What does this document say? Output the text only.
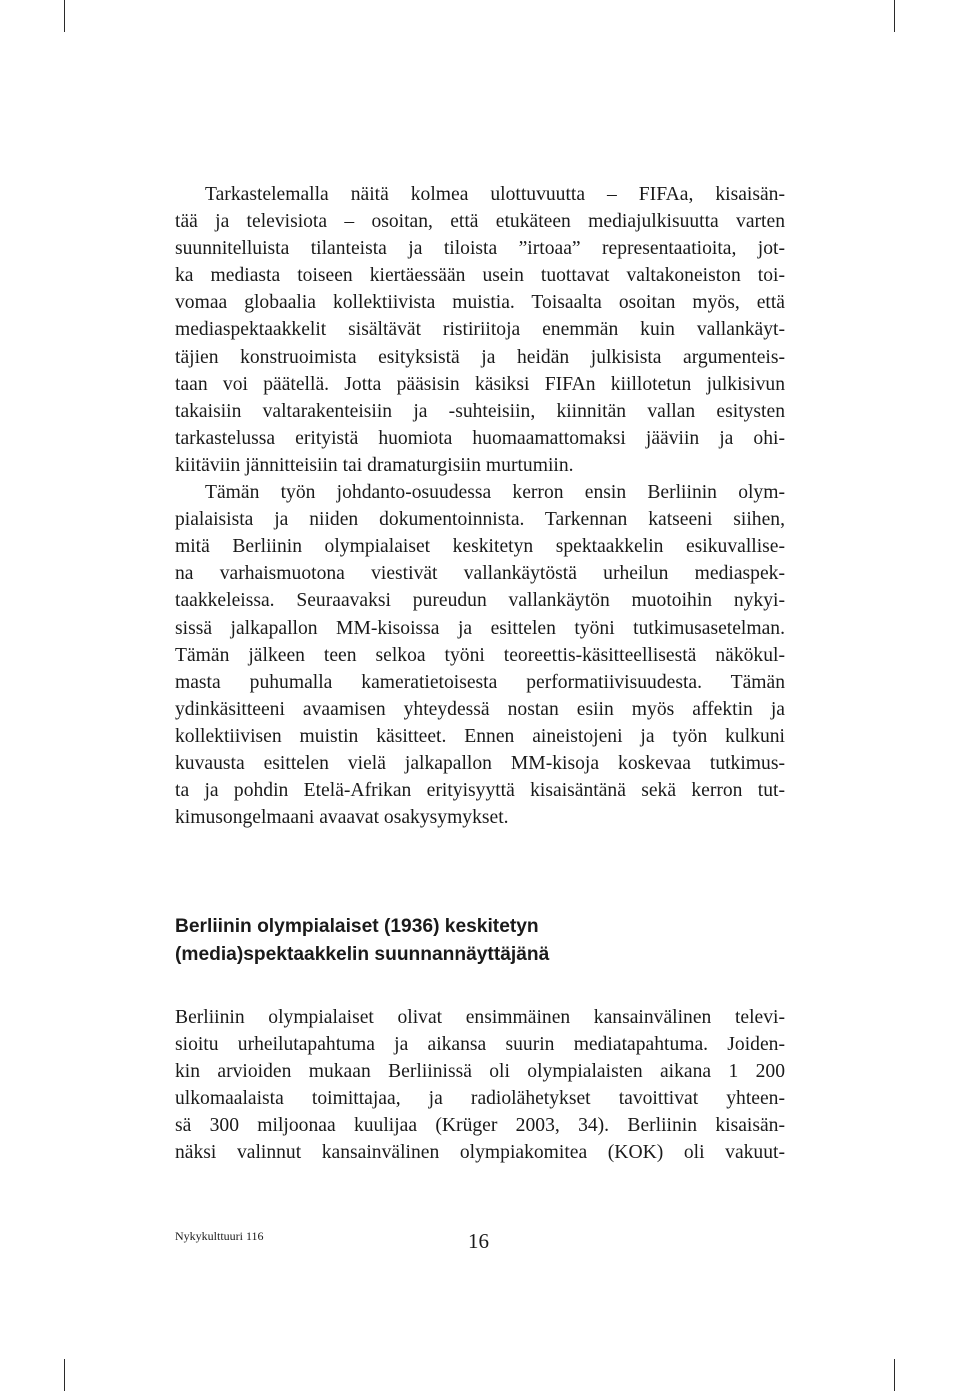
Tarkastelemalla näitä kolmea ulottuvuutta – FIFAa, kisaisän-
tää ja televisiota – osoitan, että etukäteen mediajulkisuutta varten
suunnitelluista tilanteista ja tiloista ”irtoaa” representaatioita, jot-
ka mediasta toiseen kiertäessään usein tuottavat valtakoneiston toi-
vomaa globaalia kollektiivista muistia. Toisaalta osoitan myös, että
mediaspektaakkelit sisältävät ristiriitoja enemmän kuin vallankäyt-
täjien konstruoimista esityksistä ja heidän julkisista argumenteis-
taan voi päätellä. Jotta pääsisin käsiksi FIFAn kiillotetun julkisivun
takaisiin valtarakenteisiin ja -suhteisiin, kiinnitän vallan esitysten
tarkastelussa erityistä huomiota huomaamattomaksi jääviin ja ohi-
kiitäviin jännitteisiin tai dramaturgisiin murtumiin.
Tämän työn johdanto-osuudessa kerron ensin Berliinin olym-
pialaisista ja niiden dokumentoinnista. Tarkennan katseeni siihen,
mitä Berliinin olympialaiset keskitetyn spektaakkelin esikuvallise-
na varhaismuotona viestivät vallankäytöstä urheilun mediaspek-
taakkeleissa. Seuraavaksi pureudun vallankäytön muotoihin nykyi-
sissä jalkapallon MM-kisoissa ja esittelen työni tutkimusasetelman.
Tämän jälkeen teen selkoa työni teoreettis-käsitteellisestä näkökul-
masta puhumalla kameratietoisesta performatiivisuudesta. Tämän
ydinkäsitteeni avaamisen yhteydessä nostan esiin myös affektin ja
kollektiivisen muistin käsitteet. Ennen aineistojeni ja työn kulkuni
kuvausta esittelen vielä jalkapallon MM-kisoja koskevaa tutkimus-
ta ja pohdin Etelä-Afrikan erityisyyttä kisaisäntänä sekä kerron tut-
kimusongelmaani avaavat osakysymykset.
Berliinin olympialaiset (1936) keskitetyn
(media)spektaakkelin suunnannäyttäjänä
Berliinin olympialaiset olivat ensimmäinen kansainvälinen televi-
sioitu urheilutapahtuma ja aikansa suurin mediatapahtuma. Joiden-
kin arvioiden mukaan Berliinissä oli olympialaisten aikana 1 200
ulkomaalaista toimittajaa, ja radiolähetykset tavoittivat yhteen-
sä 300 miljoonaa kuulijaa (Krüger 2003, 34). Berliinin kisaisän-
näksi valinnut kansainvälinen olympiakomitea (KOK) oli vakuut-
Nykykulttuuri 116	16
